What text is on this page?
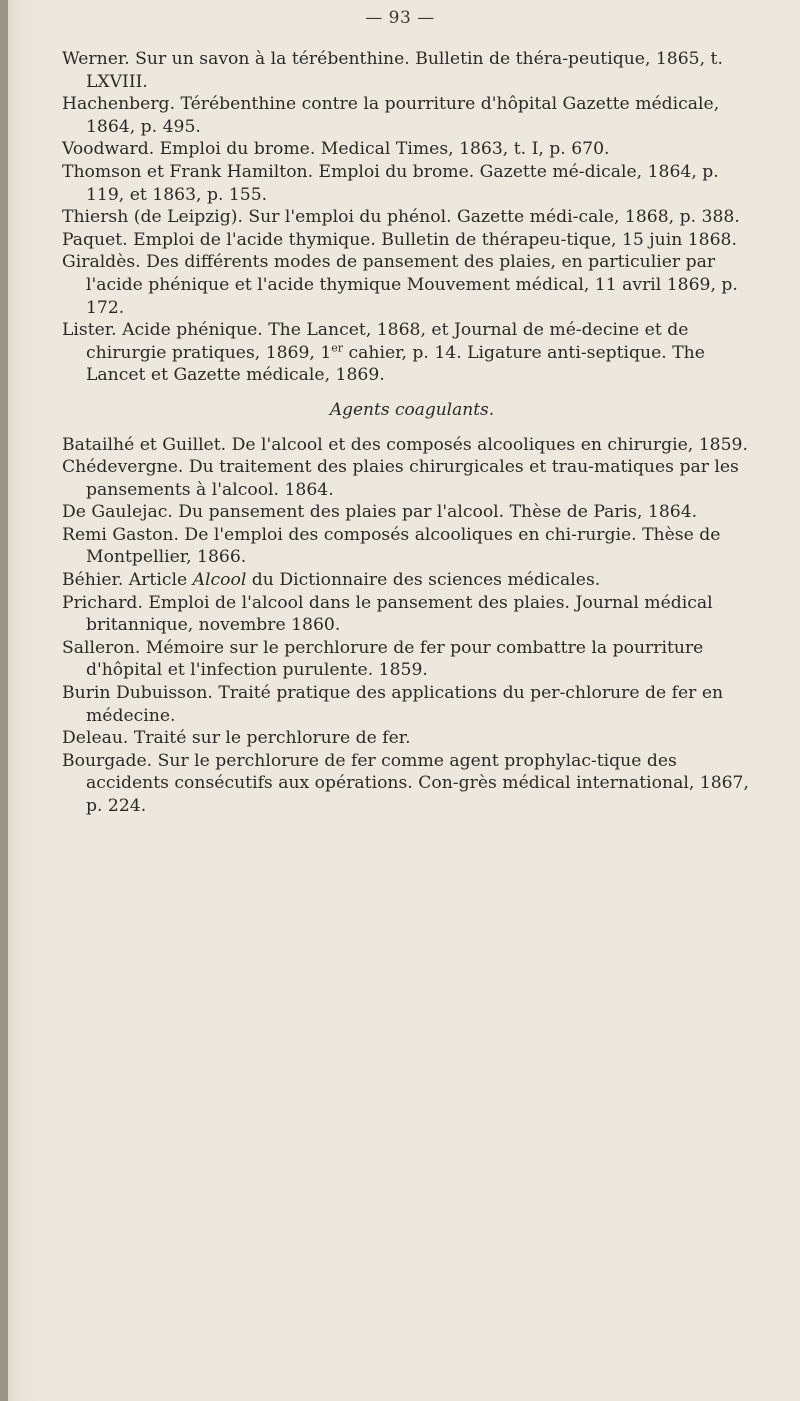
— 93 —

Werner. Sur un savon à la térébenthine. Bulletin de théra-peutique, 1865, t. LXVIII.

Hachenberg. Térébenthine contre la pourriture d'hôpital Gazette médicale, 1864, p. 495.

Voodward. Emploi du brome. Medical Times, 1863, t. I, p. 670.

Thomson et Frank Hamilton. Emploi du brome. Gazette mé-dicale, 1864, p. 119, et 1863, p. 155.

Thiersh (de Leipzig). Sur l'emploi du phénol. Gazette médi-cale, 1868, p. 388.

Paquet. Emploi de l'acide thymique. Bulletin de thérapeu-tique, 15 juin 1868.

Giraldès. Des différents modes de pansement des plaies, en particulier par l'acide phénique et l'acide thymique Mouvement médical, 11 avril 1869, p. 172.

Lister. Acide phénique. The Lancet, 1868, et Journal de mé-decine et de chirurgie pratiques, 1869, 1er cahier, p. 14. Ligature anti-septique. The Lancet et Gazette médicale, 1869.

Agents coagulants.

Batailhé et Guillet. De l'alcool et des composés alcooliques en chirurgie, 1859.

Chédevergne. Du traitement des plaies chirurgicales et trau-matiques par les pansements à l'alcool. 1864.

De Gaulejac. Du pansement des plaies par l'alcool. Thèse de Paris, 1864.

Remi Gaston. De l'emploi des composés alcooliques en chi-rurgie. Thèse de Montpellier, 1866.

Béhier. Article Alcool du Dictionnaire des sciences médicales.

Prichard. Emploi de l'alcool dans le pansement des plaies. Journal médical britannique, novembre 1860.

Salleron. Mémoire sur le perchlorure de fer pour combattre la pourriture d'hôpital et l'infection purulente. 1859.

Burin Dubuisson. Traité pratique des applications du per-chlorure de fer en médecine.

Deleau. Traité sur le perchlorure de fer.

Bourgade. Sur le perchlorure de fer comme agent prophylac-tique des accidents consécutifs aux opérations. Con-grès médical international, 1867, p. 224.
